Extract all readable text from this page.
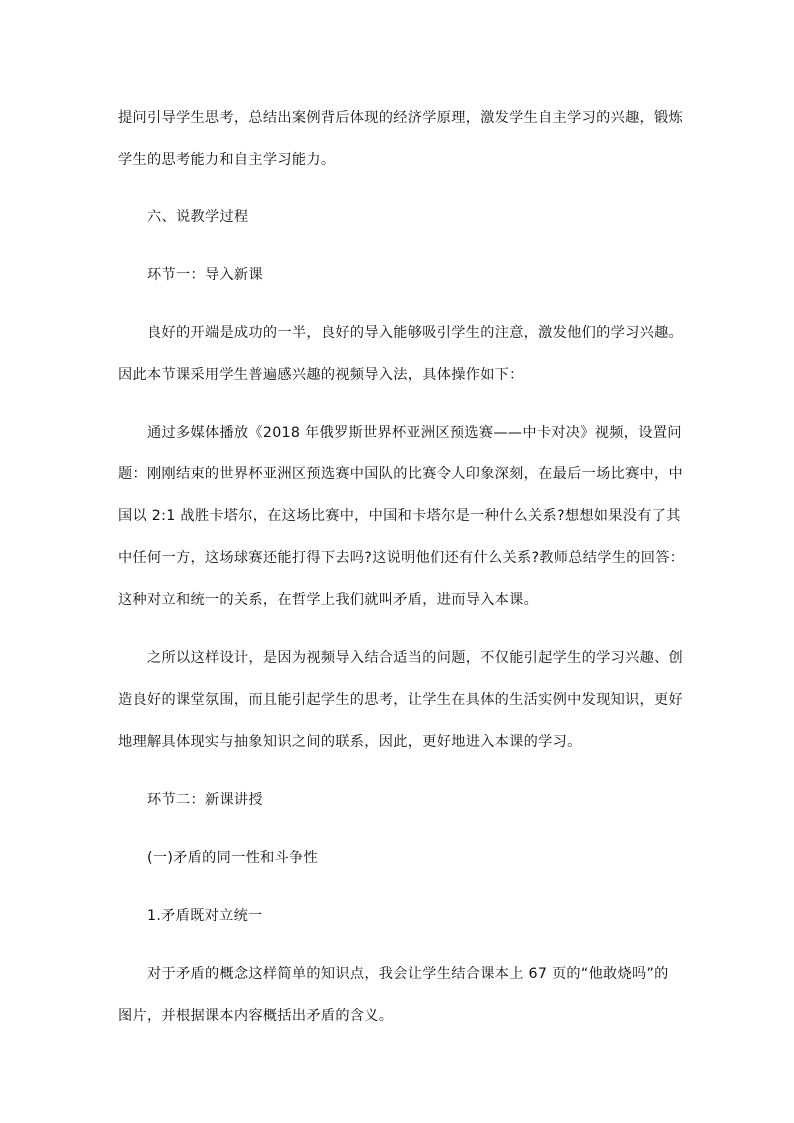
提问引导学生思考，总结出案例背后体现的经济学原理，激发学生自主学习的兴趣，锻炼
学生的思考能力和自主学习能力。
六、说教学过程
环节一：导入新课
良好的开端是成功的一半，良好的导入能够吸引学生的注意，激发他们的学习兴趣。
因此本节课采用学生普遍感兴趣的视频导入法，具体操作如下：
通过多媒体播放《2018 年俄罗斯世界杯亚洲区预选赛——中卡对决》视频，设置问
题：刚刚结束的世界杯亚洲区预选赛中国队的比赛令人印象深刻，在最后一场比赛中，中
国以 2:1 战胜卡塔尔，在这场比赛中，中国和卡塔尔是一种什么关系?想想如果没有了其
中任何一方，这场球赛还能打得下去吗?这说明他们还有什么关系?教师总结学生的回答：
这种对立和统一的关系，在哲学上我们就叫矛盾，进而导入本课。
之所以这样设计，是因为视频导入结合适当的问题，不仅能引起学生的学习兴趣、创
造良好的课堂氛围，而且能引起学生的思考，让学生在具体的生活实例中发现知识，更好
地理解具体现实与抽象知识之间的联系，因此，更好地进入本课的学习。
环节二：新课讲授
(一)矛盾的同一性和斗争性
1.矛盾既对立统一
对于矛盾的概念这样简单的知识点，我会让学生结合课本上 67 页的“他敢烧吗”的
图片，并根据课本内容概括出矛盾的含义。
